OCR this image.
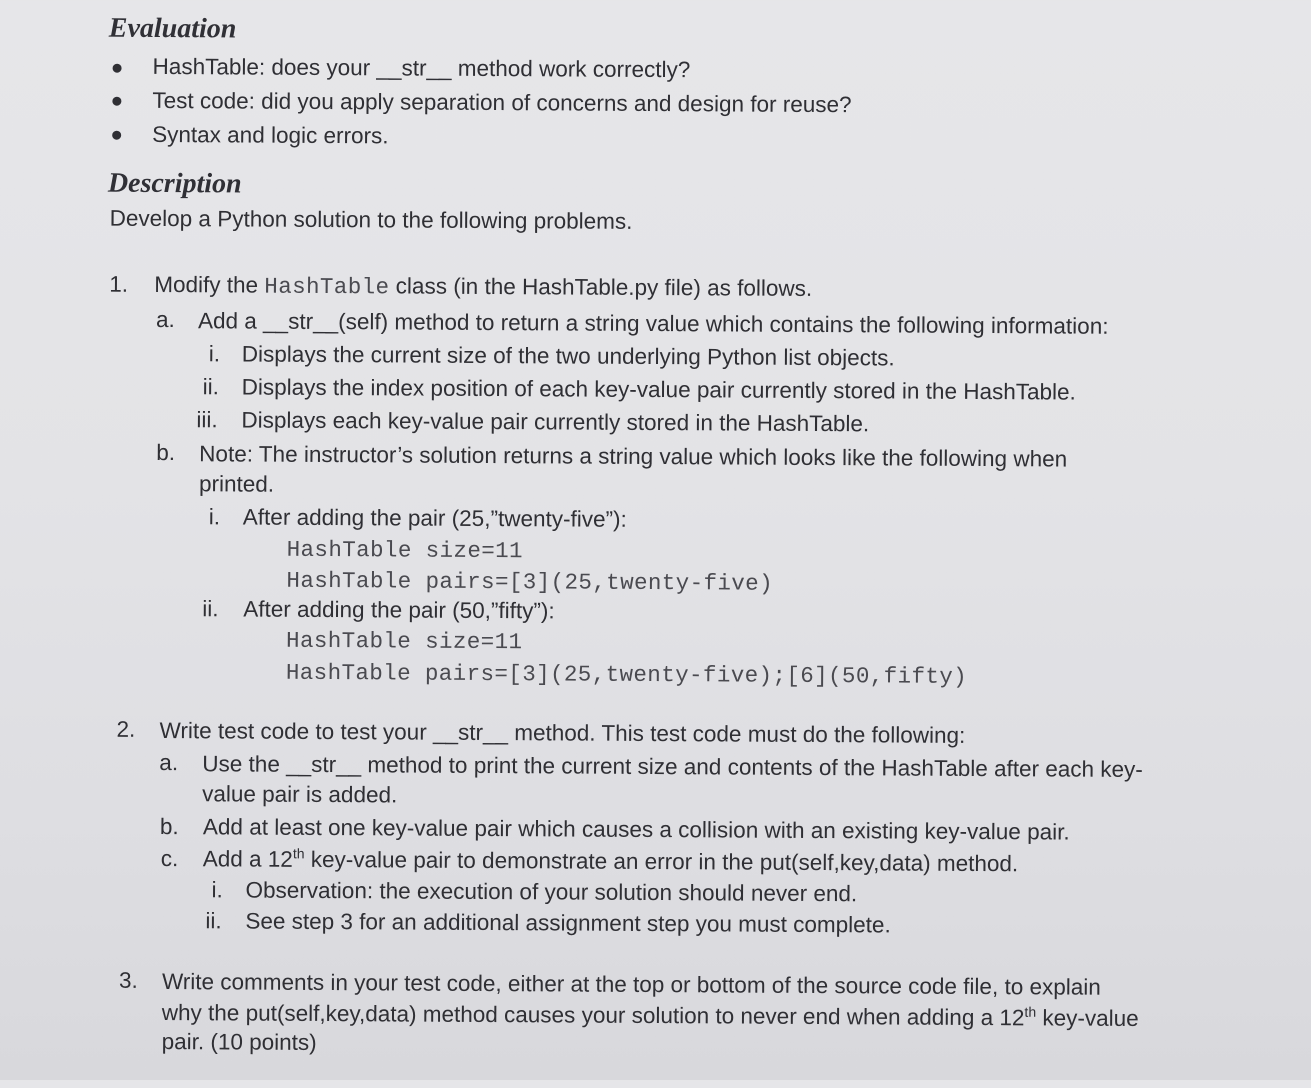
Evaluation
HashTable: does your __str__ method work correctly?
Test code: did you apply separation of concerns and design for reuse?
Syntax and logic errors.
Description
Develop a Python solution to the following problems.
1. Modify the HashTable class (in the HashTable.py file) as follows.
a. Add a __str__(self) method to return a string value which contains the following information:
i. Displays the current size of the two underlying Python list objects.
ii. Displays the index position of each key-value pair currently stored in the HashTable.
iii. Displays each key-value pair currently stored in the HashTable.
b. Note: The instructor’s solution returns a string value which looks like the following when
printed.
i. After adding the pair (25,”twenty-five”):
HashTable size=11
HashTable pairs=[3](25,twenty-five)
ii. After adding the pair (50,”fifty”):
HashTable size=11
HashTable pairs=[3](25,twenty-five);[6](50,fifty)
2. Write test code to test your __str__ method. This test code must do the following:
a. Use the __str__ method to print the current size and contents of the HashTable after each key-
value pair is added.
b. Add at least one key-value pair which causes a collision with an existing key-value pair.
c. Add a 12th key-value pair to demonstrate an error in the put(self,key,data) method.
i. Observation: the execution of your solution should never end.
ii. See step 3 for an additional assignment step you must complete.
3. Write comments in your test code, either at the top or bottom of the source code file, to explain
why the put(self,key,data) method causes your solution to never end when adding a 12th key-value
pair. (10 points)
